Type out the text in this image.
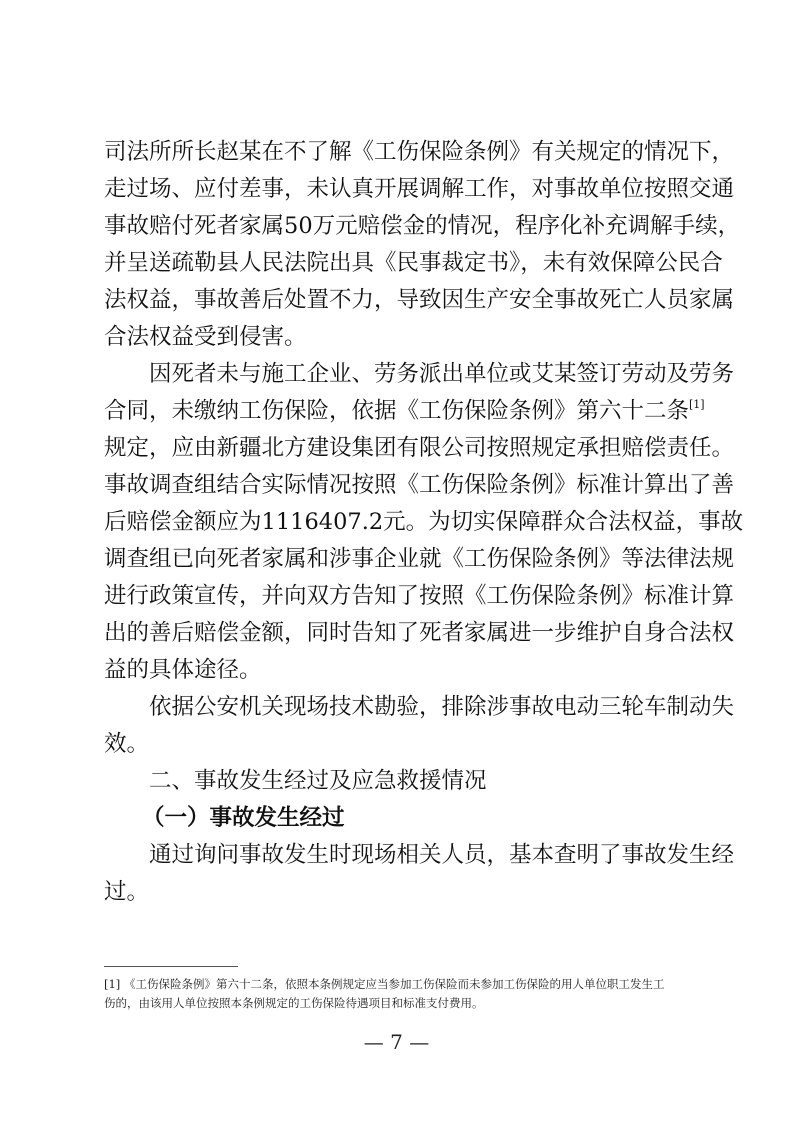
司法所所长赵某在不了解《工伤保险条例》有关规定的情况下，
走过场、应付差事，未认真开展调解工作，对事故单位按照交通
事故赔付死者家属50万元赔偿金的情况，程序化补充调解手续，
并呈送疏勒县人民法院出具《民事裁定书》，未有效保障公民合
法权益，事故善后处置不力，导致因生产安全事故死亡人员家属
合法权益受到侵害。
因死者未与施工企业、劳务派出单位或艾某签订劳动及劳务
合同，未缴纳工伤保险，依据《工伤保险条例》第六十二条[1]
规定，应由新疆北方建设集团有限公司按照规定承担赔偿责任。
事故调查组结合实际情况按照《工伤保险条例》标准计算出了善
后赔偿金额应为1116407.2元。为切实保障群众合法权益，事故
调查组已向死者家属和涉事企业就《工伤保险条例》等法律法规
进行政策宣传，并向双方告知了按照《工伤保险条例》标准计算
出的善后赔偿金额，同时告知了死者家属进一步维护自身合法权
益的具体途径。
依据公安机关现场技术勘验，排除涉事故电动三轮车制动失
效。
二、事故发生经过及应急救援情况
（一）事故发生经过
通过询问事故发生时现场相关人员，基本查明了事故发生经
过。
[1] 《工伤保险条例》第六十二条，依照本条例规定应当参加工伤保险而未参加工伤保险的用人单位职工发生工
伤的，由该用人单位按照本条例规定的工伤保险待遇项目和标准支付费用。
— 7 —
